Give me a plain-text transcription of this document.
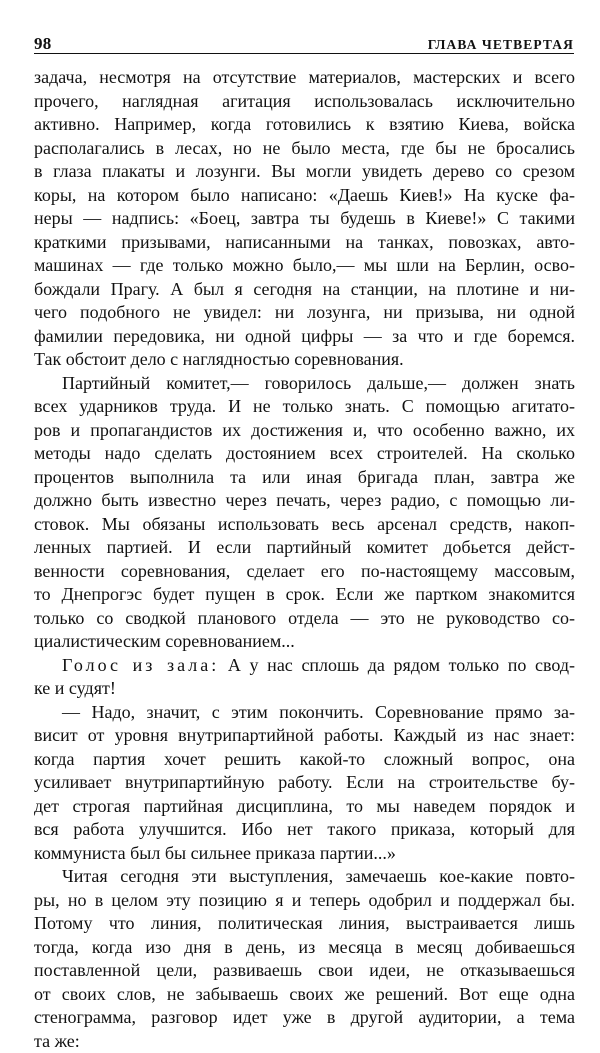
98	ГЛАВА ЧЕТВЕРТАЯ
задача, несмотря на отсутствие материалов, мастерских и всего
прочего, наглядная агитация использовалась исключительно
активно. Например, когда готовились к взятию Киева, войска
располагались в лесах, но не было места, где бы не бросались
в глаза плакаты и лозунги. Вы могли увидеть дерево со срезом
коры, на котором было написано: «Даешь Киев!» На куске фа-
неры — надпись: «Боец, завтра ты будешь в Киеве!» С такими
краткими призывами, написанными на танках, повозках, авто-
машинах — где только можно было,— мы шли на Берлин, осво-
бождали Прагу. А был я сегодня на станции, на плотине и ни-
чего подобного не увидел: ни лозунга, ни призыва, ни одной
фамилии передовика, ни одной цифры — за что и где боремся.
Так обстоит дело с наглядностью соревнования.
Партийный комитет,— говорилось дальше,— должен знать
всех ударников труда. И не только знать. С помощью агитато-
ров и пропагандистов их достижения и, что особенно важно, их
методы надо сделать достоянием всех строителей. На сколько
процентов выполнила та или иная бригада план, завтра же
должно быть известно через печать, через радио, с помощью ли-
стовок. Мы обязаны использовать весь арсенал средств, накоп-
ленных партией. И если партийный комитет добьется дейст-
венности соревнования, сделает его по-настоящему массовым,
то Днепрогэс будет пущен в срок. Если же партком знакомится
только со сводкой планового отдела — это не руководство со-
циалистическим соревнованием...
Голос из зала: А у нас сплошь да рядом только по свод-
ке и судят!
— Надо, значит, с этим покончить. Соревнование прямо за-
висит от уровня внутрипартийной работы. Каждый из нас знает:
когда партия хочет решить какой-то сложный вопрос, она
усиливает внутрипартийную работу. Если на строительстве бу-
дет строгая партийная дисциплина, то мы наведем порядок и
вся работа улучшится. Ибо нет такого приказа, который для
коммуниста был бы сильнее приказа партии...»
Читая сегодня эти выступления, замечаешь кое-какие повто-
ры, но в целом эту позицию я и теперь одобрил и поддержал бы.
Потому что линия, политическая линия, выстраивается лишь
тогда, когда изо дня в день, из месяца в месяц добиваешься
поставленной цели, развиваешь свои идеи, не отказываешься
от своих слов, не забываешь своих же решений. Вот еще одна
стенограмма, разговор идет уже в другой аудитории, а тема
та же:
